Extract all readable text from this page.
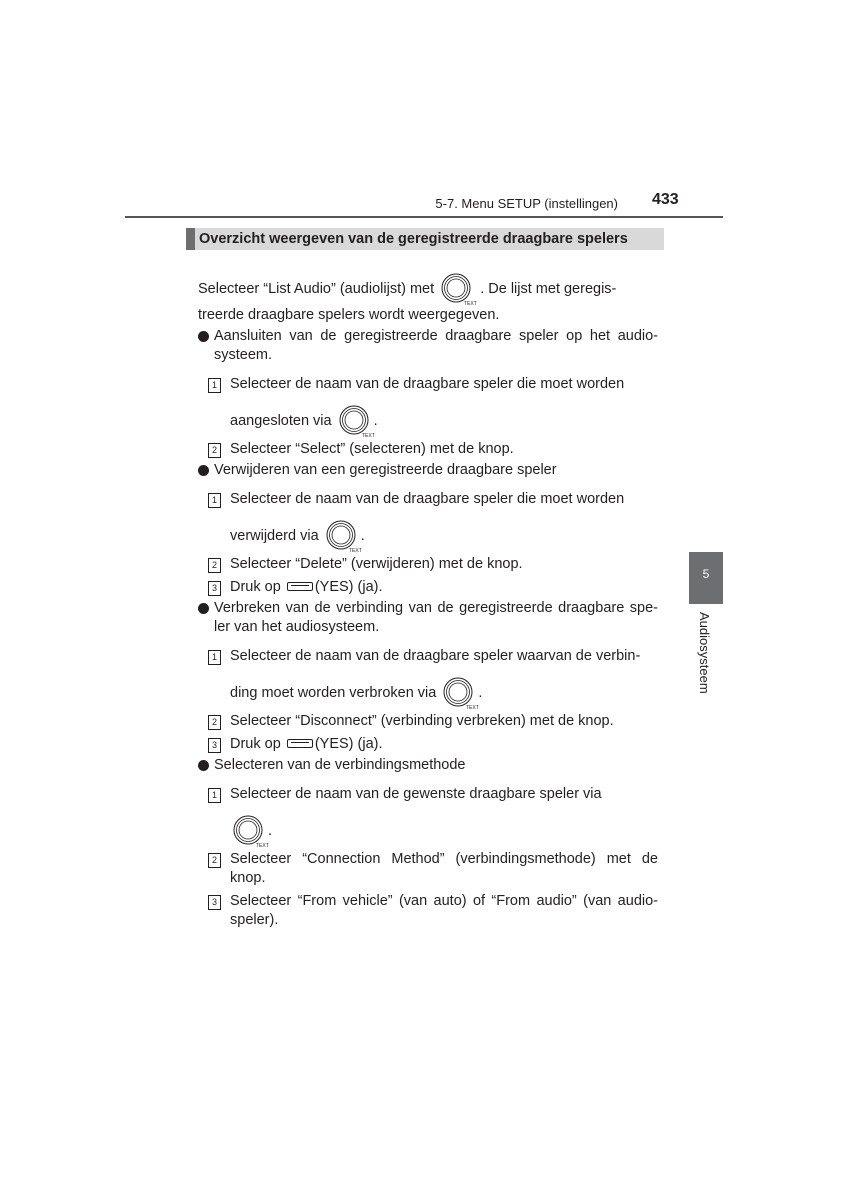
5-7. Menu SETUP (instellingen) 433
5
Audiosysteem
Overzicht weergeven van de geregistreerde draagbare spelers
Selecteer “List Audio” (audiolijst) met
TEXT
. De lijst met geregis-
treerde draagbare spelers wordt weergegeven.
Aansluiten van de geregistreerde draagbare speler op het audio-systeem.
1 Selecteer de naam van de draagbare speler die moet worden
aangesloten via
TEXT
.
2 Selecteer “Select” (selecteren) met de knop.
Verwijderen van een geregistreerde draagbare speler
1 Selecteer de naam van de draagbare speler die moet worden
verwijderd via
TEXT
.
2 Selecteer “Delete” (verwijderen) met de knop.
3 Druk op (YES) (ja).
Verbreken van de verbinding van de geregistreerde draagbare spe-ler van het audiosysteem.
1 Selecteer de naam van de draagbare speler waarvan de verbin-
ding moet worden verbroken via
TEXT
.
2 Selecteer “Disconnect” (verbinding verbreken) met de knop.
3 Druk op (YES) (ja).
Selecteren van de verbindingsmethode
1 Selecteer de naam van de gewenste draagbare speler via
TEXT
.
2 Selecteer “Connection Method” (verbindingsmethode) met de knop.
3 Selecteer “From vehicle” (van auto) of “From audio” (van audio-speler).
